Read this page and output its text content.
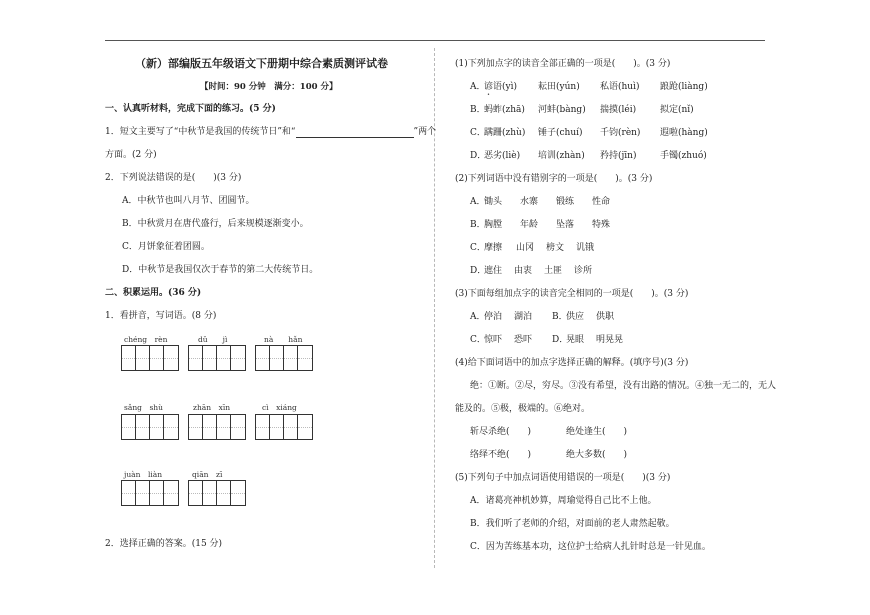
（新）部编版五年级语文下册期中综合素质测评试卷
【时间：90 分钟　满分：100 分】
一、认真听材料，完成下面的练习。(5 分)
1．短文主要写了“中秋节是我国的传统节日”和“	”两个
方面。(2 分)
2．下列说法错误的是(　　)(3 分)
A．中秋节也叫八月节、团圆节。
B．中秋赏月在唐代盛行，后来规模逐渐变小。
C．月饼象征着团圆。
D．中秋节是我国仅次于春节的第二大传统节日。
二、积累运用。(36 分)
1．看拼音，写词语。(8 分)
chéng　rèn	dǔ　　jì	nà　　hǎn
sǎng　shù	zhān　xīn	cì　xiáng
juàn　liàn	qiān　zī
2．选择正确的答案。(15 分)
(1)下列加点字的读音全部正确的一项是(　　)。(3 分)
A．
谚语(yì) 耘田(yún) 私语(huì) 踉跄(liàng)
B．
蚂蚱(zhā) 河蚌(bàng) 揣摸(léi)	拟定(nǐ)
C．
蹒跚(zhù) 锤子(chuí) 千钧(rèn) 遐啦(hàng)
D．
恶劣(liè) 培训(zhàn) 矜持(jīn)	手镯(zhuó)
(2)下列词语中没有错别字的一项是(　　)。(3 分)
A．
锄头 水寨 锻练 性命
B．
胸膛 年龄 坠落 特殊
C．
摩擦 山冈 榜文 讥锇
D．
遮住 由衷 土匪 诊所
(3)下面每组加点字的读音完全相同的一项是(　　)。(3 分)
A．
停泊 湖泊 B．
供应 供职
C．
惊吓 恐吓 D．
晃眼 明晃晃
(4)给下面词语中的加点字选择正确的解释。(填序号)(3 分)
绝：①断。②尽，穷尽。③没有希望，没有出路的情况。④独一无二的，无人
能及的。⑤极，极端的。⑥绝对。
斩尽杀绝(　　)	绝处逢生(　　)
络绎不绝(　　)	绝大多数(　　)
(5)下列句子中加点词语使用错误的一项是(　　)(3 分)
A．诸葛亮神机妙算，周瑜觉得自己比不上他。
B．我们听了老师的介绍，对面前的老人肃然起敬。
C．因为苦练基本功，这位护士给病人扎针时总是一针见血。
